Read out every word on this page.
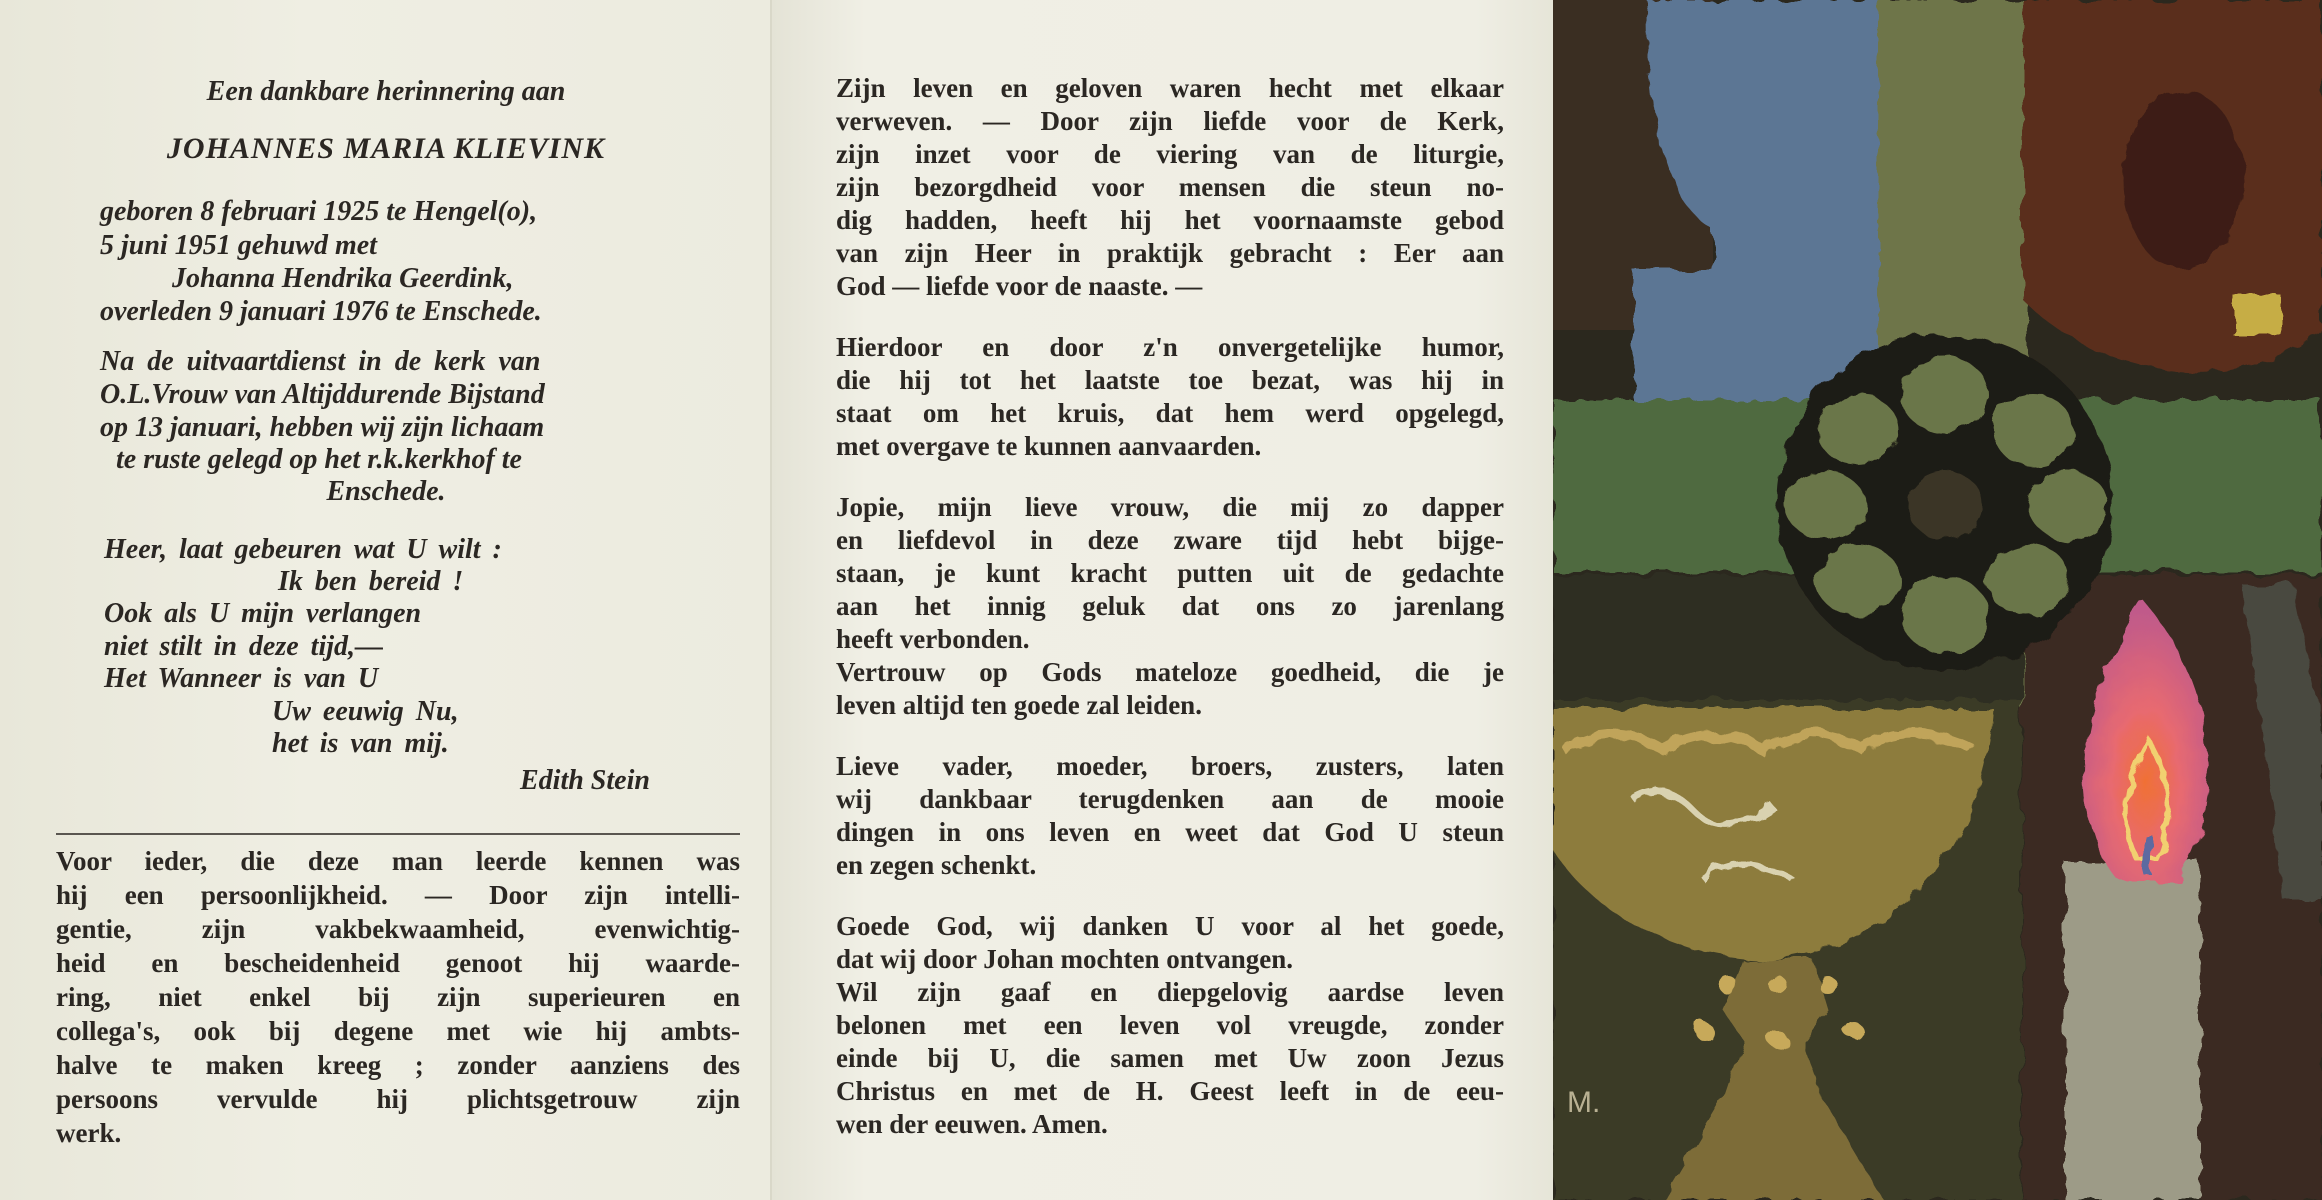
Een dankbare herinnering aan
JOHANNES MARIA KLIEVINK
geboren 8 februari 1925 te Hengel(o),
5 juni 1951 gehuwd met
Johanna Hendrika Geerdink,
overleden 9 januari 1976 te Enschede.
Na de uitvaartdienst in de kerk van
O.L.Vrouw van Altijddurende Bijstand
op 13 januari, hebben wij zijn lichaam
te ruste gelegd op het r.k.kerkhof te
Enschede.
Heer, laat gebeuren wat U wilt :
Ik ben bereid !
Ook als U mijn verlangen
niet stilt in deze tijd,—
Het Wanneer is van U
Uw eeuwig Nu,
het is van mij.
Edith Stein
Voor ieder, die deze man leerde kennen was
hij een persoonlijkheid. — Door zijn intelli-
gentie, zijn vakbekwaamheid, evenwichtig-
heid en bescheidenheid genoot hij waarde-
ring, niet enkel bij zijn superieuren en
collega's, ook bij degene met wie hij ambts-
halve te maken kreeg ; zonder aanziens des
persoons vervulde hij plichtsgetrouw zijn
werk.
Zijn leven en geloven waren hecht met elkaar
verweven. — Door zijn liefde voor de Kerk,
zijn inzet voor de viering van de liturgie,
zijn bezorgdheid voor mensen die steun no-
dig hadden, heeft hij het voornaamste gebod
van zijn Heer in praktijk gebracht : Eer aan
God — liefde voor de naaste. —
Hierdoor en door z'n onvergetelijke humor,
die hij tot het laatste toe bezat, was hij in
staat om het kruis, dat hem werd opgelegd,
met overgave te kunnen aanvaarden.
Jopie, mijn lieve vrouw, die mij zo dapper
en liefdevol in deze zware tijd hebt bijge-
staan, je kunt kracht putten uit de gedachte
aan het innig geluk dat ons zo jarenlang
heeft verbonden.
Vertrouw op Gods mateloze goedheid, die je
leven altijd ten goede zal leiden.
Lieve vader, moeder, broers, zusters, laten
wij dankbaar terugdenken aan de mooie
dingen in ons leven en weet dat God U steun
en zegen schenkt.
Goede God, wij danken U voor al het goede,
dat wij door Johan mochten ontvangen.
Wil zijn gaaf en diepgelovig aardse leven
belonen met een leven vol vreugde, zonder
einde bij U, die samen met Uw zoon Jezus
Christus en met de H. Geest leeft in de eeu-
wen der eeuwen. Amen.
M.
